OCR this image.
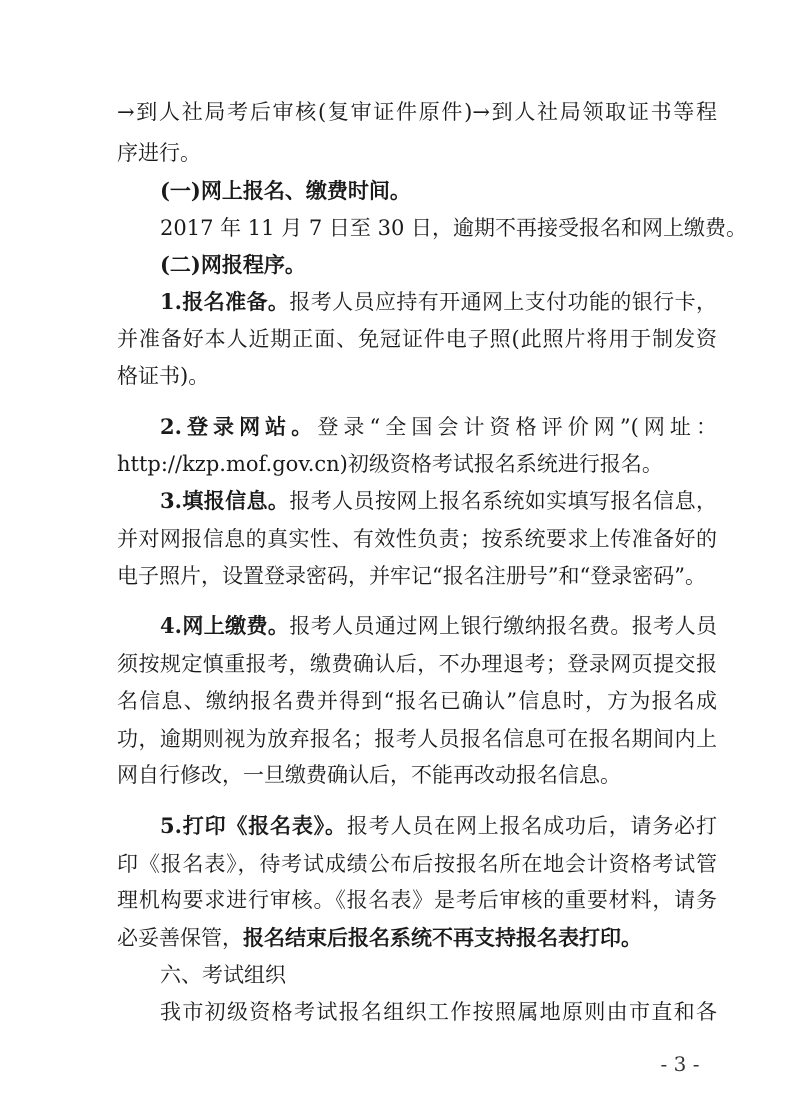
→到人社局考后审核(复审证件原件)→到人社局领取证书等程
序进行。
(一)网上报名、缴费时间。
2017 年 11 月 7 日至 30 日，逾期不再接受报名和网上缴费。
(二)网报程序。
1.报名准备。报考人员应持有开通网上支付功能的银行卡，
并准备好本人近期正面、免冠证件电子照(此照片将用于制发资
格证书)。
2.登录网站。登录“全国会计资格评价网”(网址：
http://kzp.mof.gov.cn)初级资格考试报名系统进行报名。
3.填报信息。报考人员按网上报名系统如实填写报名信息，
并对网报信息的真实性、有效性负责；按系统要求上传准备好的
电子照片，设置登录密码，并牢记“报名注册号”和“登录密码”。
4.网上缴费。报考人员通过网上银行缴纳报名费。报考人员
须按规定慎重报考，缴费确认后，不办理退考；登录网页提交报
名信息、缴纳报名费并得到“报名已确认”信息时，方为报名成
功，逾期则视为放弃报名；报考人员报名信息可在报名期间内上
网自行修改，一旦缴费确认后，不能再改动报名信息。
5.打印《报名表》。报考人员在网上报名成功后，请务必打
印《报名表》，待考试成绩公布后按报名所在地会计资格考试管
理机构要求进行审核。《报名表》是考后审核的重要材料，请务
必妥善保管，报名结束后报名系统不再支持报名表打印。
六、考试组织
- 3 -
我市初级资格考试报名组织工作按照属地原则由市直和各
